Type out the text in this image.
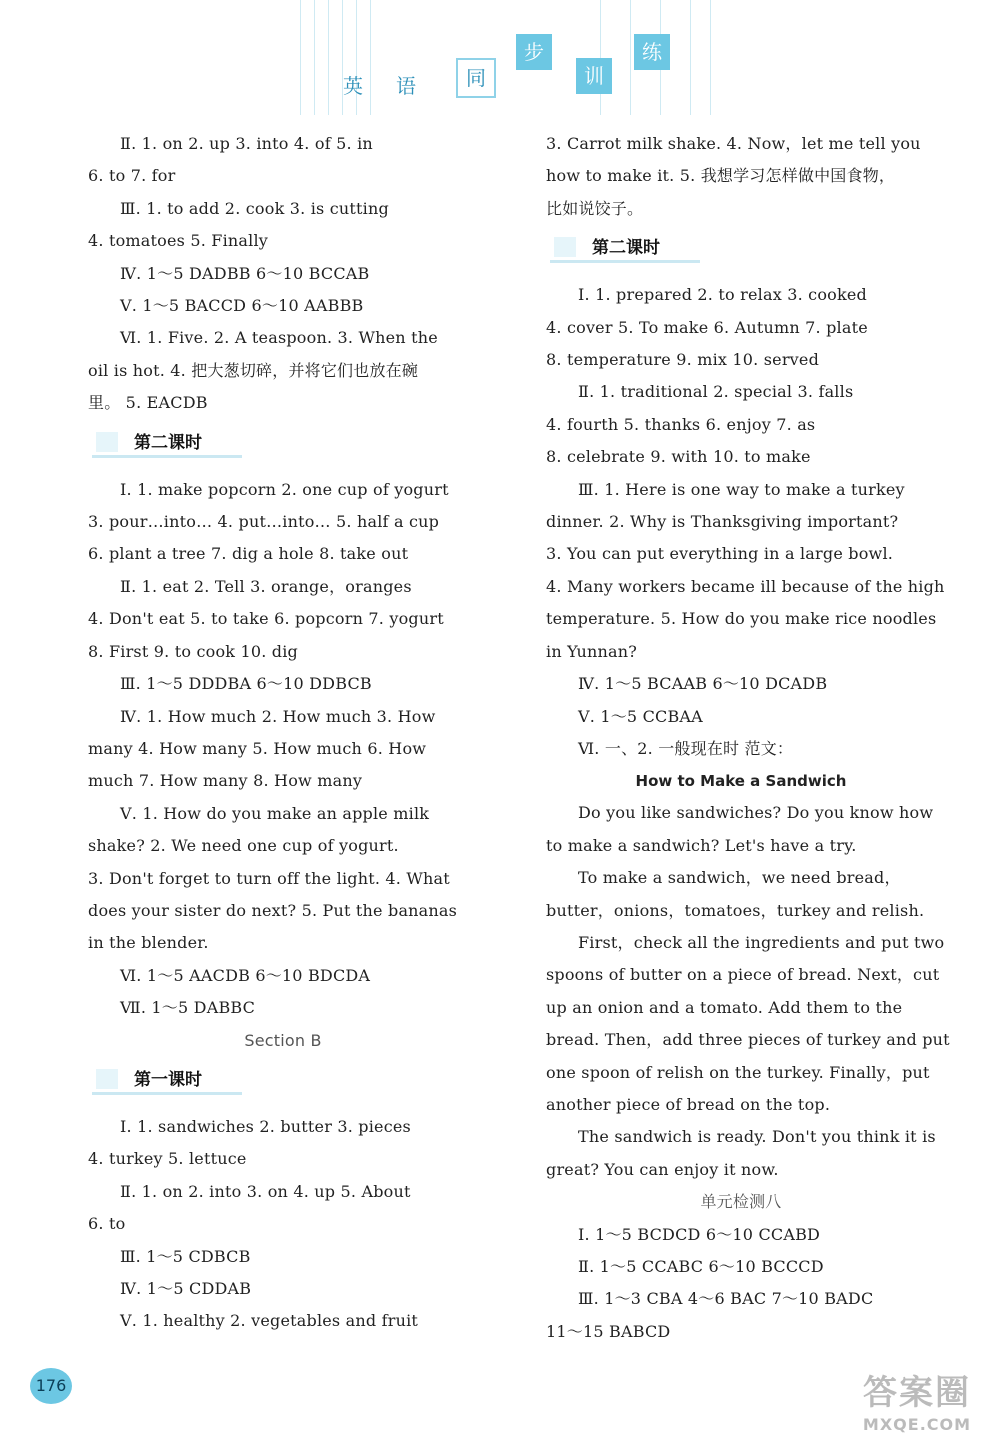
英 语	同
步
训
练
Ⅱ. 1. on 2. up 3. into 4. of 5. in
6. to 7. for
Ⅲ. 1. to add 2. cook 3. is cutting
4. tomatoes 5. Finally
Ⅳ. 1～5 DADBB 6～10 BCCAB
Ⅴ. 1～5 BACCD 6～10 AABBB
Ⅵ. 1. Five. 2. A teaspoon. 3. When the
oil is hot. 4. 把大葱切碎，并将它们也放在碗
里。 5. EACDB
第二课时
Ⅰ. 1. make popcorn 2. one cup of yogurt
3. pour…into… 4. put…into… 5. half a cup
6. plant a tree 7. dig a hole 8. take out
Ⅱ. 1. eat 2. Tell 3. orange，oranges
4. Don't eat 5. to take 6. popcorn 7. yogurt
8. First 9. to cook 10. dig
Ⅲ. 1～5 DDDBA 6～10 DDBCB
Ⅳ. 1. How much 2. How much 3. How
many 4. How many 5. How much 6. How
much 7. How many 8. How many
Ⅴ. 1. How do you make an apple milk
shake? 2. We need one cup of yogurt.
3. Don't forget to turn off the light. 4. What
does your sister do next? 5. Put the bananas
in the blender.
Ⅵ. 1～5 AACDB 6～10 BDCDA
Ⅶ. 1～5 DABBC
Section B
第一课时
Ⅰ. 1. sandwiches 2. butter 3. pieces
4. turkey 5. lettuce
Ⅱ. 1. on 2. into 3. on 4. up 5. About
6. to
Ⅲ. 1～5 CDBCB
Ⅳ. 1～5 CDDAB
Ⅴ. 1. healthy 2. vegetables and fruit
3. Carrot milk shake. 4. Now，let me tell you
how to make it. 5. 我想学习怎样做中国食物，
比如说饺子。
第二课时
Ⅰ. 1. prepared 2. to relax 3. cooked
4. cover 5. To make 6. Autumn 7. plate
8. temperature 9. mix 10. served
Ⅱ. 1. traditional 2. special 3. falls
4. fourth 5. thanks 6. enjoy 7. as
8. celebrate 9. with 10. to make
Ⅲ. 1. Here is one way to make a turkey
dinner. 2. Why is Thanksgiving important?
3. You can put everything in a large bowl.
4. Many workers became ill because of the high
temperature. 5. How do you make rice noodles
in Yunnan?
Ⅳ. 1～5 BCAAB 6～10 DCADB
Ⅴ. 1～5 CCBAA
Ⅵ. 一、2. 一般现在时 范文：
How to Make a Sandwich
Do you like sandwiches? Do you know how
to make a sandwich? Let's have a try.
To make a sandwich，we need bread，
butter，onions，tomatoes，turkey and relish.
First，check all the ingredients and put two
spoons of butter on a piece of bread. Next，cut
up an onion and a tomato. Add them to the
bread. Then，add three pieces of turkey and put
one spoon of relish on the turkey. Finally，put
another piece of bread on the top.
The sandwich is ready. Don't you think it is
great? You can enjoy it now.
单元检测八
Ⅰ. 1～5 BCDCD 6～10 CCABD
Ⅱ. 1～5 CCABC 6～10 BCCCD
Ⅲ. 1～3 CBA 4～6 BAC 7～10 BADC
11～15 BABCD
176	答案圈
MXQE.COM
